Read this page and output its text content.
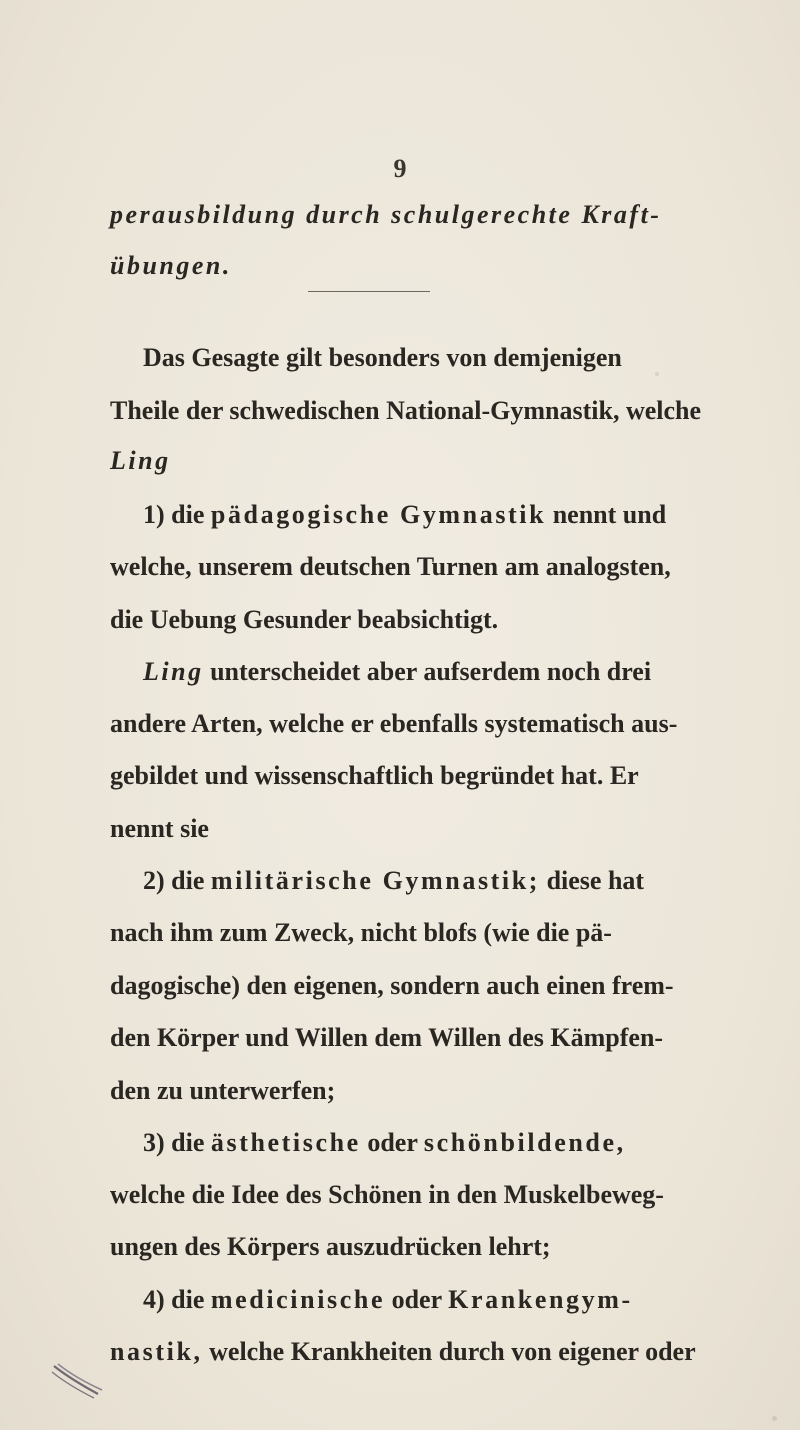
9
perausbildung durch schulgerechte Kraft-
übungen.
Das Gesagte gilt besonders von demjenigen
Theile der schwedischen National-Gymnastik, welche
Ling
1) die pädagogische Gymnastik nennt und
welche, unserem deutschen Turnen am analogsten,
die Uebung Gesunder beabsichtigt.
Ling unterscheidet aber aufserdem noch drei
andere Arten, welche er ebenfalls systematisch aus-
gebildet und wissenschaftlich begründet hat. Er
nennt sie
2) die militärische Gymnastik; diese hat
nach ihm zum Zweck, nicht blofs (wie die pä-
dagogische) den eigenen, sondern auch einen frem-
den Körper und Willen dem Willen des Kämpfen-
den zu unterwerfen;
3) die ästhetische oder schönbildende,
welche die Idee des Schönen in den Muskelbeweg-
ungen des Körpers auszudrücken lehrt;
4) die medicinische oder Krankengym-
nastik, welche Krankheiten durch von eigener oder
